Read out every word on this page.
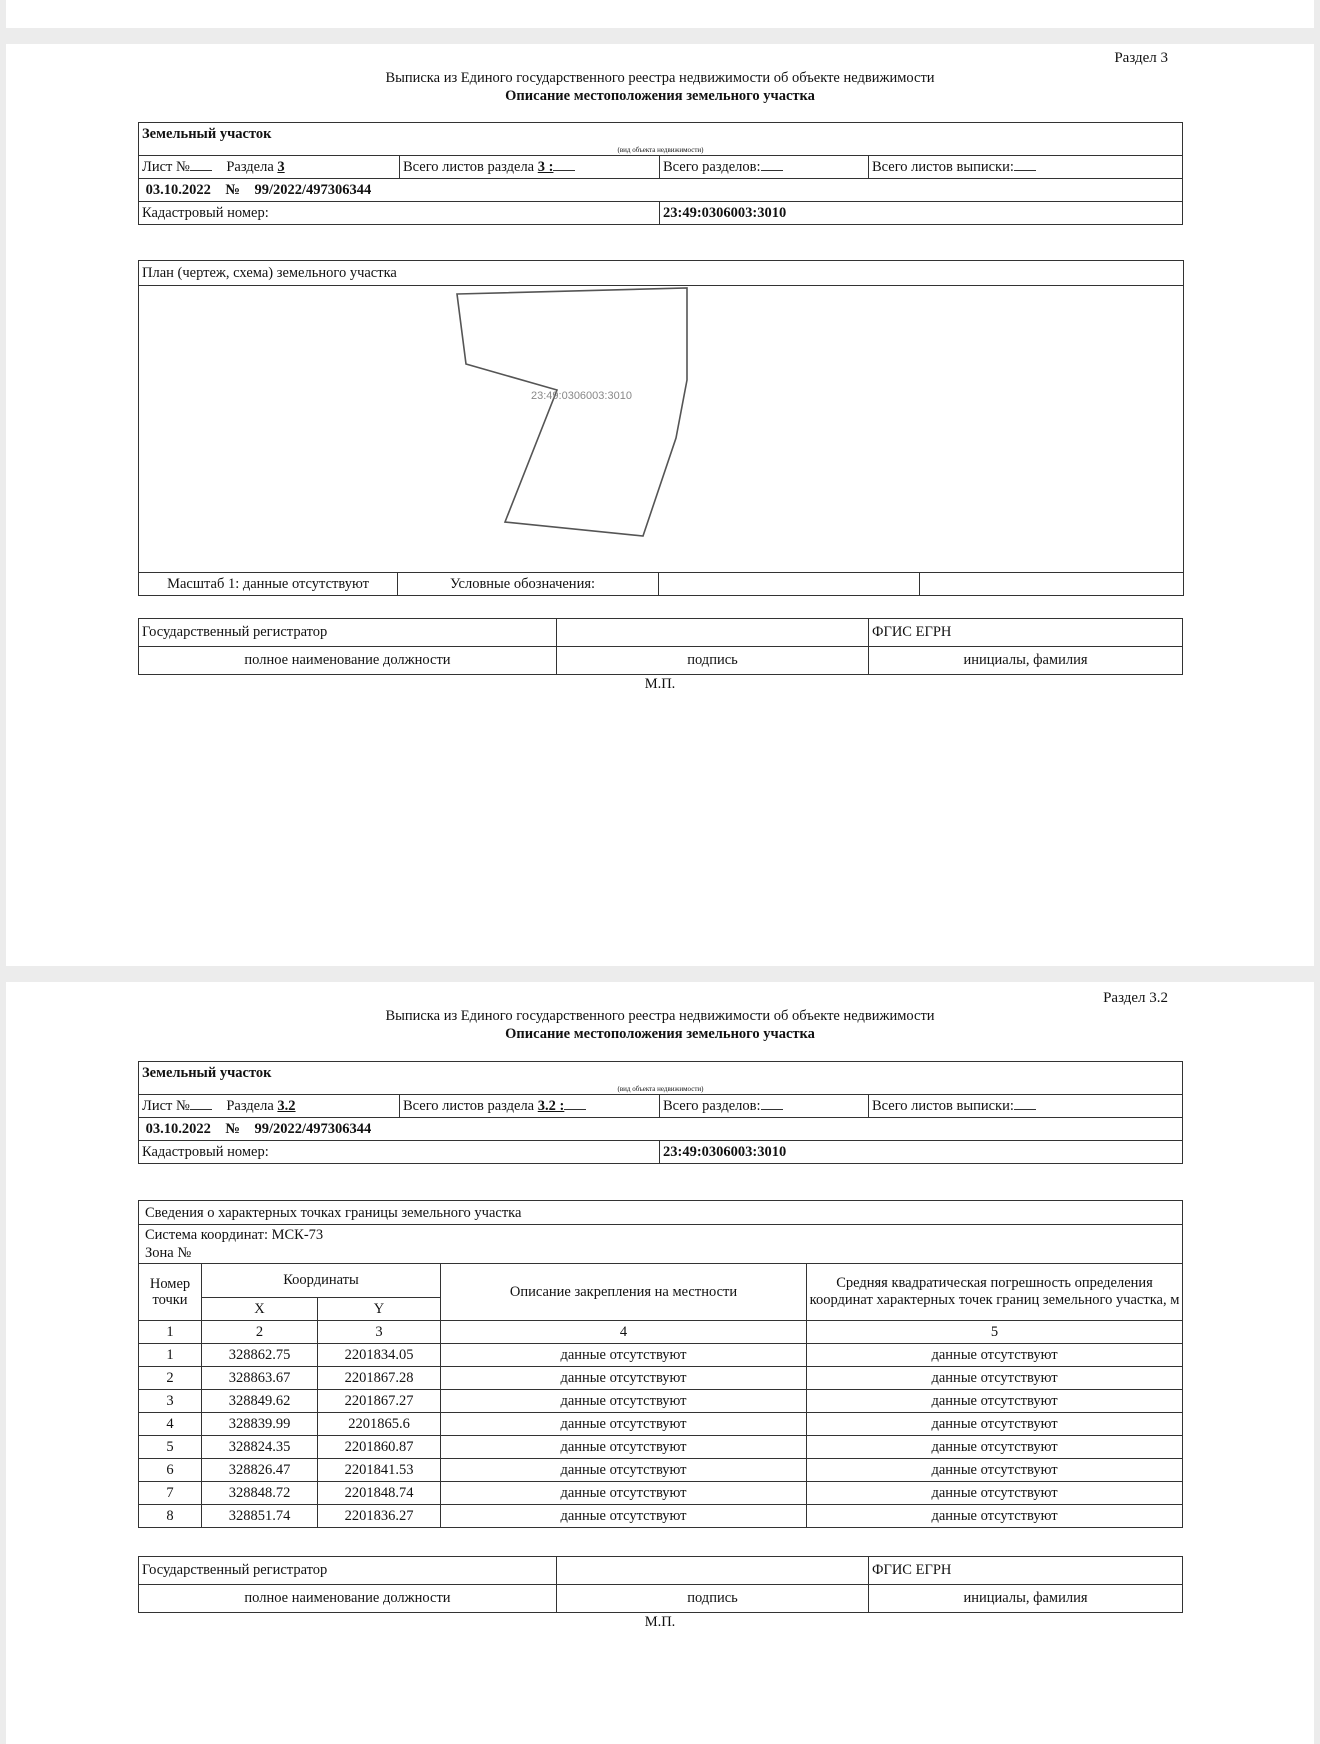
Раздел 3
Выписка из Единого государственного реестра недвижимости об объекте недвижимости
Описание местоположения земельного участка
Земельный участок			
(вид объекта недвижимости)			
Лист № Раздела 3	Всего листов раздела 3 :	Всего разделов:	Всего листов выписки:
03.10.2022 № 99/2022/497306344			
Кадастровый номер:		23:49:0306003:3010	
План (чертеж, схема) земельного участка
23:49:0306003:3010
Масштаб 1: данные отсутствуют	Условные обозначения:
Государственный регистратор		ФГИС ЕГРН
полное наименование должности	подпись	инициалы, фамилия
М.П.
Раздел 3.2
Выписка из Единого государственного реестра недвижимости об объекте недвижимости
Описание местоположения земельного участка
Земельный участок			
(вид объекта недвижимости)			
Лист № Раздела 3.2	Всего листов раздела 3.2 :	Всего разделов:	Всего листов выписки:
03.10.2022 № 99/2022/497306344			
Кадастровый номер:		23:49:0306003:3010	
Сведения о характерных точках границы земельного участка				

Система координат: МСК-73
Зона №				

Номер точки	Координаты		Описание закрепления на местности	Средняя квадратическая погрешность определения координат характерных точек границ земельного участка, м
	X	Y		
1	2	3	4	5
1	328862.75	2201834.05	данные отсутствуют	данные отсутствуют
2	328863.67	2201867.28	данные отсутствуют	данные отсутствуют
3	328849.62	2201867.27	данные отсутствуют	данные отсутствуют
4	328839.99	2201865.6	данные отсутствуют	данные отсутствуют
5	328824.35	2201860.87	данные отсутствуют	данные отсутствуют
6	328826.47	2201841.53	данные отсутствуют	данные отсутствуют
7	328848.72	2201848.74	данные отсутствуют	данные отсутствуют
8	328851.74	2201836.27	данные отсутствуют	данные отсутствуют
Государственный регистратор		ФГИС ЕГРН
полное наименование должности	подпись	инициалы, фамилия
М.П.
